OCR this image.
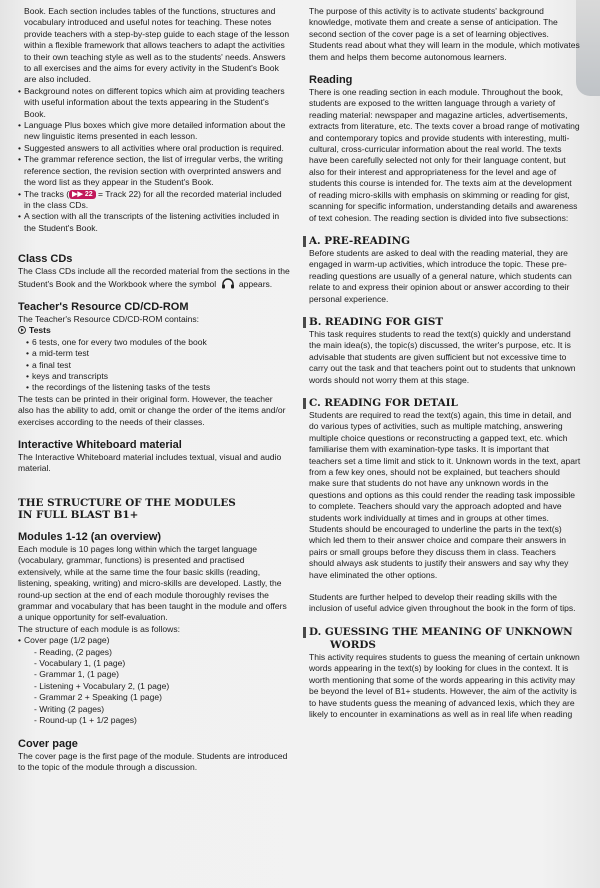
Book. Each section includes tables of the functions, structures and vocabulary introduced and useful notes for teaching. These notes provide teachers with a step-by-step guide to each stage of the lesson within a flexible framework that allows teachers to adapt the activities to their own teaching style as well as to the students' needs. Answers to all exercises and the aims for every activity in the Student's Book are also included.

• Background notes on different topics which aim at providing teachers with useful information about the texts appearing in the Student's Book.
• Language Plus boxes which give more detailed information about the new linguistic items presented in each lesson.
• Suggested answers to all activities where oral production is required.
• The grammar reference section, the list of irregular verbs, the writing reference section, the revision section with overprinted answers and the word list as they appear in the Student's Book.
• The tracks ( ▶▶ 22 = Track 22) for all the recorded material included in the class CDs.
• A section with all the transcripts of the listening activities included in the Student's Book.
Class CDs

The Class CDs include all the recorded material from the sections in the Student's Book and the Workbook where the symbol	appears.

Teacher's Resource CD/CD-ROM

The Teacher's Resource CD/CD-ROM contains:

Tests

• 6 tests, one for every two modules of the book
• a mid-term test
• a final test
• keys and transcripts
• the recordings of the listening tasks of the tests

The tests can be printed in their original form. However, the teacher also has the ability to add, omit or change the order of the items and/or exercises according to the needs of their classes.

Interactive Whiteboard material

The Interactive Whiteboard material includes textual, visual and audio material.

THE STRUCTURE OF THE MODULES
IN FULL BLAST B1+
Modules 1-12 (an overview)

Each module is 10 pages long within which the target language (vocabulary, grammar, functions) is presented and practised extensively, while at the same time the four basic skills (reading, listening, speaking, writing) and micro-skills are developed. Lastly, the round-up section at the end of each module thoroughly revises the grammar and vocabulary that has been taught in the module and offers a unique opportunity for self-evaluation.

The structure of each module is as follows:

• Cover page (1/2 page)
- Reading, (2 pages)
- Vocabulary 1, (1 page)
- Grammar 1, (1 page)
- Listening + Vocabulary 2, (1 page)
- Grammar 2 + Speaking (1 page)
- Writing (2 pages)
- Round-up (1 + 1/2 pages)
Cover page

The cover page is the first page of the module. Students are introduced to the topic of the module through a discussion.

The purpose of this activity is to activate students' background knowledge, motivate them and create a sense of anticipation. The second section of the cover page is a set of learning objectives. Students read about what they will learn in the module, which motivates them and helps them become autonomous learners.

Reading

There is one reading section in each module. Throughout the book, students are exposed to the written language through a variety of reading material: newspaper and magazine articles, advertisements, extracts from literature, etc. The texts cover a broad range of motivating and contemporary topics and provide students with interesting, multi-cultural, cross-curricular information about the real world. The texts have been carefully selected not only for their language content, but also for their interest and appropriateness for the level and age of students this course is intended for. The texts aim at the development of reading micro-skills with emphasis on skimming or reading for gist, scanning for specific information, understanding details and awareness of text cohesion. The reading section is divided into five subsections:

A. PRE-READING

Before students are asked to deal with the reading material, they are engaged in warm-up activities, which introduce the topic. These pre-reading questions are usually of a general nature, which students can relate to and express their opinion about or answer according to their personal experience.

B. READING FOR GIST

This task requires students to read the text(s) quickly and understand the main idea(s), the topic(s) discussed, the writer's purpose, etc. It is advisable that students are given sufficient but not excessive time to carry out the task and that teachers point out to students that unknown words should not worry them at this stage.

C. READING FOR DETAIL

Students are required to read the text(s) again, this time in detail, and do various types of activities, such as multiple matching, answering multiple choice questions or reconstructing a gapped text, etc. which familiarise them with examination-type tasks. It is important that teachers set a time limit and stick to it. Unknown words in the text, apart from a few key ones, should not be explained, but teachers should make sure that students do not have any unknown words in the questions and options as this could render the reading task impossible to complete. Teachers should vary the approach adopted and have students work individually at times and in groups at other times. Students should be encouraged to underline the parts in the text(s) which led them to their answer choice and compare their answers in pairs or small groups before they discuss them in class. Teachers should always ask students to justify their answers and say why they have eliminated the other options.

Students are further helped to develop their reading skills with the inclusion of useful advice given throughout the book in the form of tips.

D. GUESSING THE MEANING OF UNKNOWN
WORDS

This activity requires students to guess the meaning of certain unknown words appearing in the text(s) by looking for clues in the context. It is worth mentioning that some of the words appearing in this activity may be beyond the level of B1+ students. However, the aim of the activity is to have students guess the meaning of advanced lexis, which they are likely to encounter in examinations as well as in real life when reading
